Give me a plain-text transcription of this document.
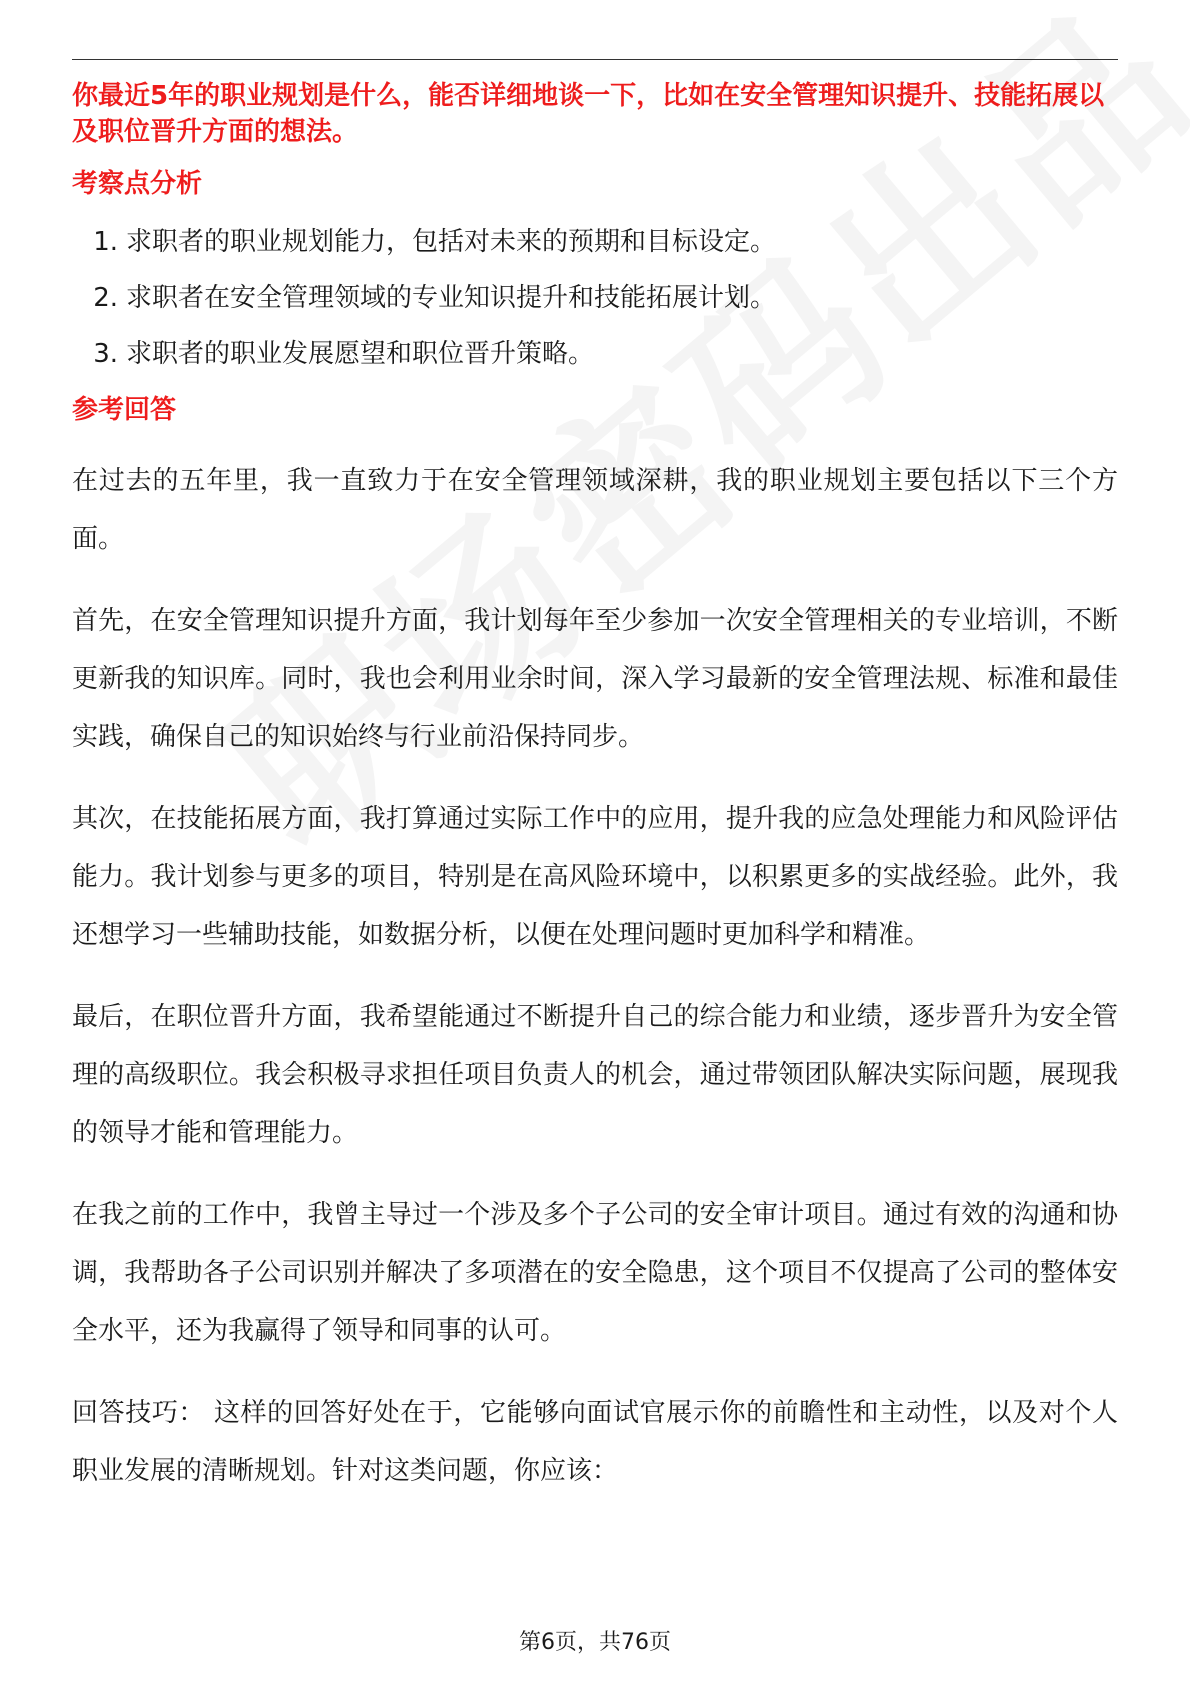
你最近5年的职业规划是什么，能否详细地谈一下，比如在安全管理知识提升、技能拓展以及职位晋升方面的想法。

考察点分析
1. 求职者的职业规划能力，包括对未来的预期和目标设定。
2. 求职者在安全管理领域的专业知识提升和技能拓展计划。
3. 求职者的职业发展愿望和职位晋升策略。
参考回答

在过去的五年里，我一直致力于在安全管理领域深耕，我的职业规划主要包括以下三个方面。

首先，在安全管理知识提升方面，我计划每年至少参加一次安全管理相关的专业培训，不断更新我的知识库。同时，我也会利用业余时间，深入学习最新的安全管理法规、标准和最佳实践，确保自己的知识始终与行业前沿保持同步。

其次，在技能拓展方面，我打算通过实际工作中的应用，提升我的应急处理能力和风险评估能力。我计划参与更多的项目，特别是在高风险环境中，以积累更多的实战经验。此外，我还想学习一些辅助技能，如数据分析，以便在处理问题时更加科学和精准。

最后，在职位晋升方面，我希望能通过不断提升自己的综合能力和业绩，逐步晋升为安全管理的高级职位。我会积极寻求担任项目负责人的机会，通过带领团队解决实际问题，展现我的领导才能和管理能力。

在我之前的工作中，我曾主导过一个涉及多个子公司的安全审计项目。通过有效的沟通和协调，我帮助各子公司识别并解决了多项潜在的安全隐患，这个项目不仅提高了公司的整体安全水平，还为我赢得了领导和同事的认可。

回答技巧： 这样的回答好处在于，它能够向面试官展示你的前瞻性和主动性，以及对个人职业发展的清晰规划。针对这类问题，你应该：

第6页，共76页
